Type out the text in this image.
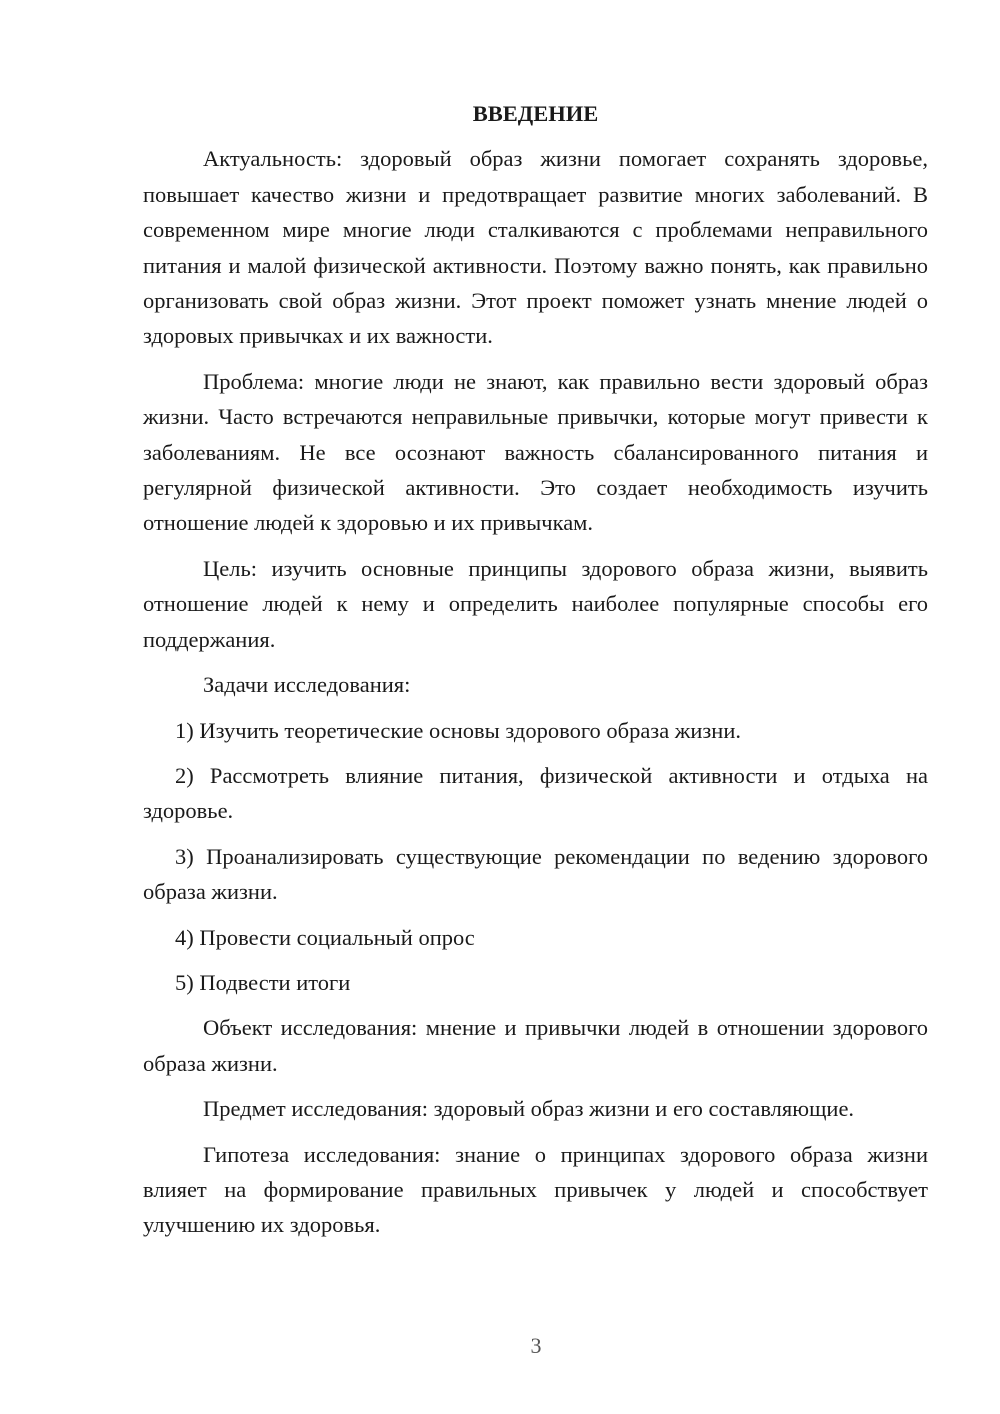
ВВЕДЕНИЕ
Актуальность: здоровый образ жизни помогает сохранять здоровье, повышает качество жизни и предотвращает развитие многих заболеваний. В современном мире многие люди сталкиваются с проблемами неправильного питания и малой физической активности. Поэтому важно понять, как правильно организовать свой образ жизни. Этот проект поможет узнать мнение людей о здоровых привычках и их важности.
Проблема: многие люди не знают, как правильно вести здоровый образ жизни. Часто встречаются неправильные привычки, которые могут привести к заболеваниям. Не все осознают важность сбалансированного питания и регулярной физической активности. Это создает необходимость изучить отношение людей к здоровью и их привычкам.
Цель: изучить основные принципы здорового образа жизни, выявить отношение людей к нему и определить наиболее популярные способы его поддержания.
Задачи исследования:
1) Изучить теоретические основы здорового образа жизни.
2) Рассмотреть влияние питания, физической активности и отдыха на здоровье.
3) Проанализировать существующие рекомендации по ведению здорового образа жизни.
4) Провести социальный опрос
5) Подвести итоги
Объект исследования: мнение и привычки людей в отношении здорового образа жизни.
Предмет исследования: здоровый образ жизни и его составляющие.
Гипотеза исследования: знание о принципах здорового образа жизни влияет на формирование правильных привычек у людей и способствует улучшению их здоровья.
3
